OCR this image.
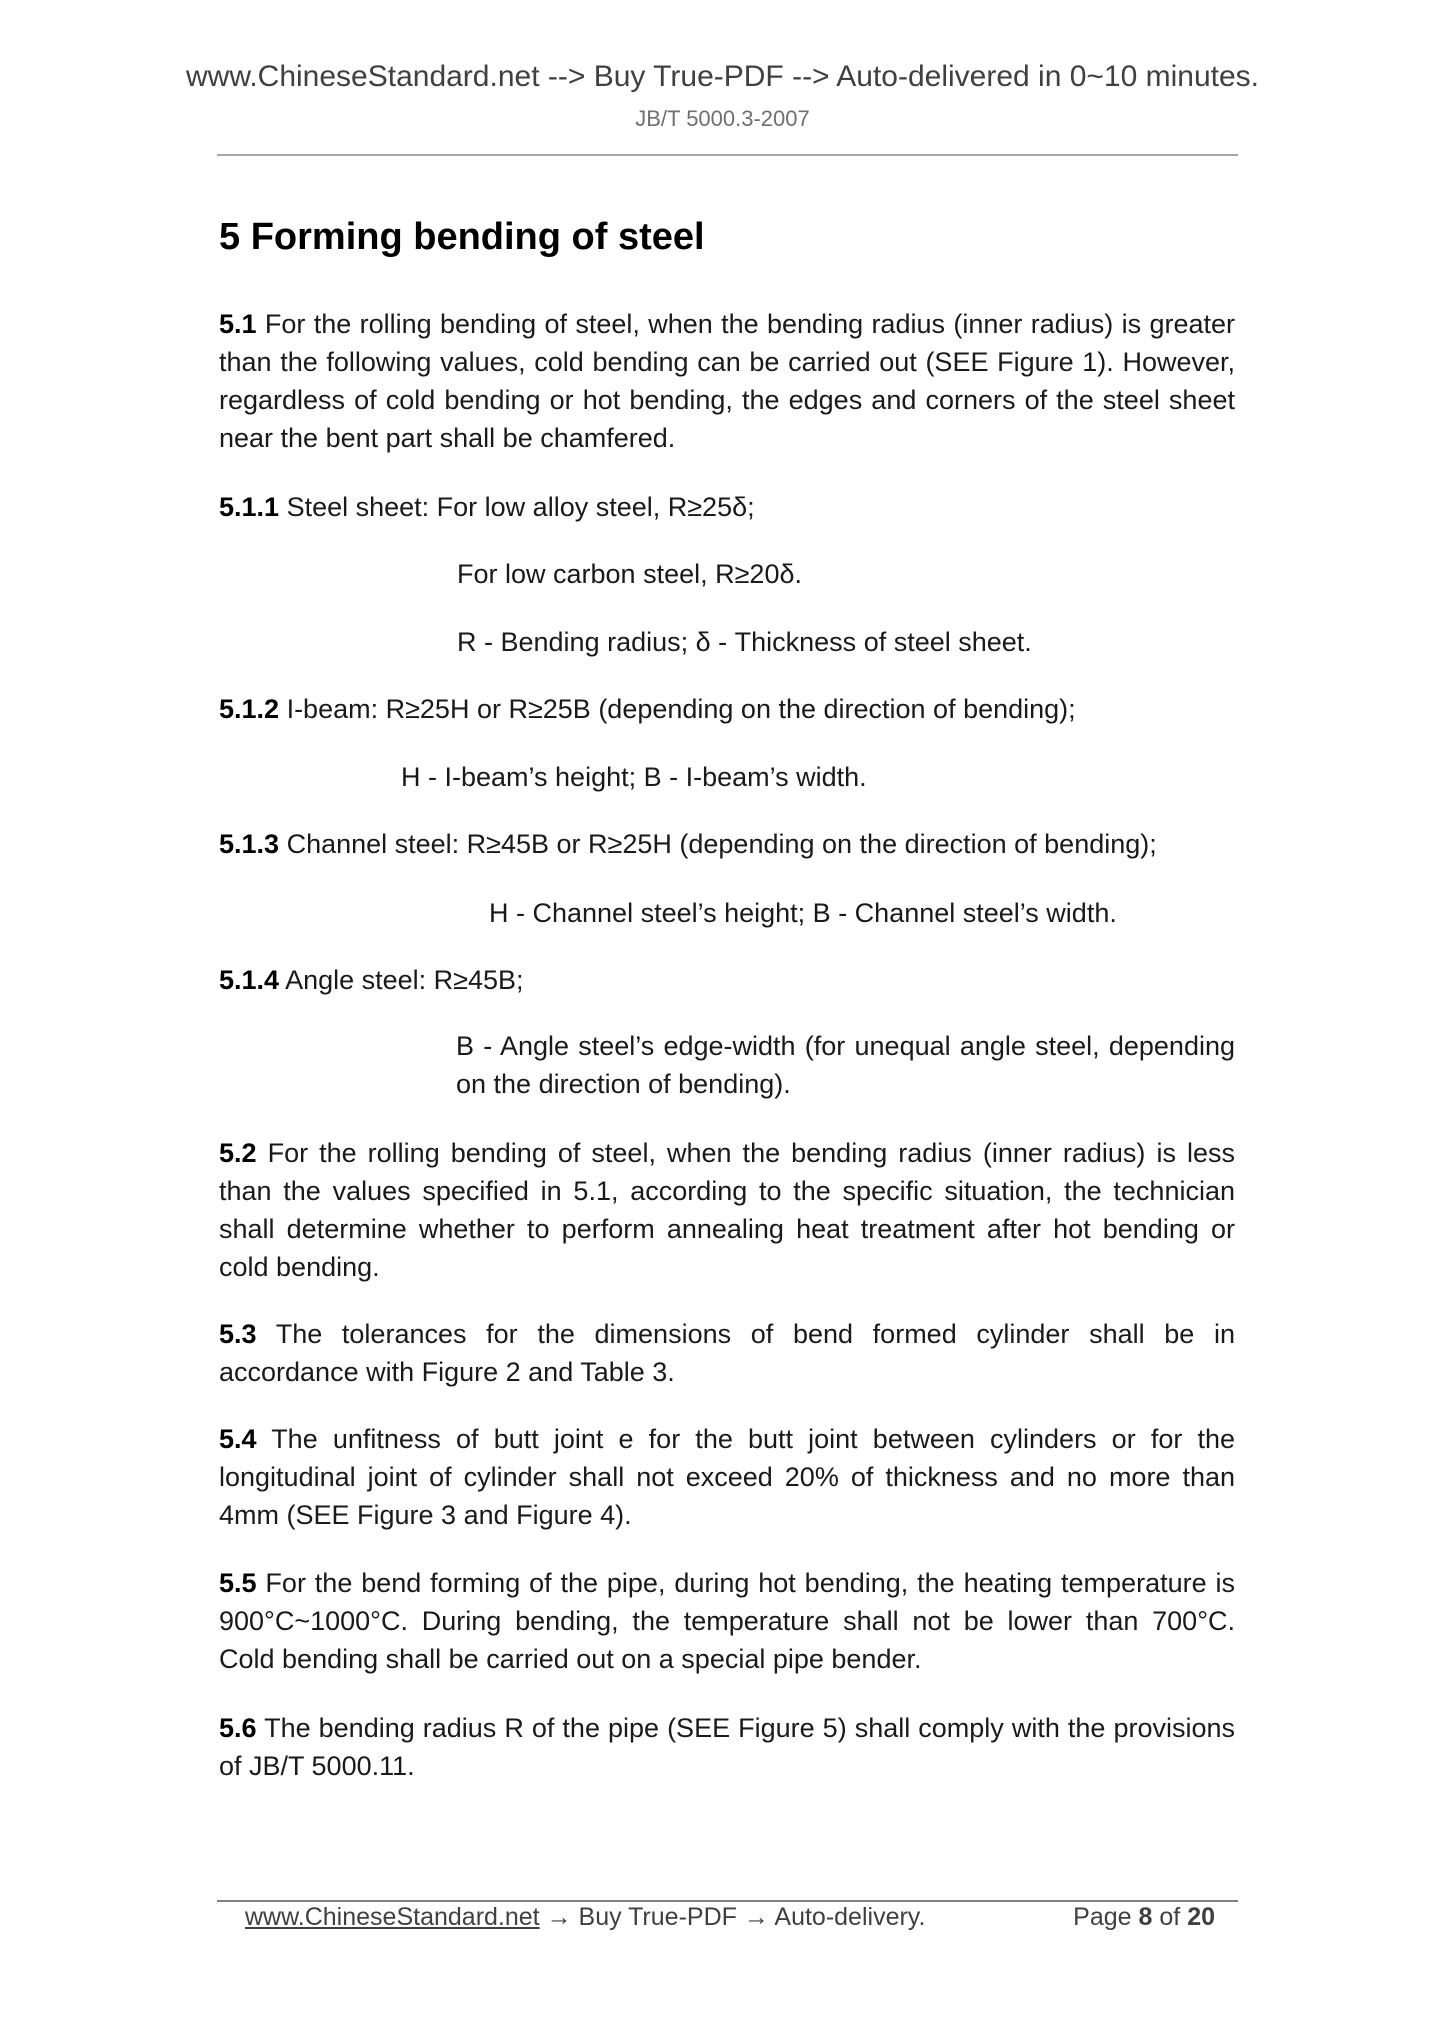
www.ChineseStandard.net --> Buy True-PDF --> Auto-delivered in 0~10 minutes.
JB/T 5000.3-2007
5 Forming bending of steel
5.1 For the rolling bending of steel, when the bending radius (inner radius) is greater than the following values, cold bending can be carried out (SEE Figure 1). However, regardless of cold bending or hot bending, the edges and corners of the steel sheet near the bent part shall be chamfered.
5.1.1 Steel sheet: For low alloy steel, R≥25δ;
For low carbon steel, R≥20δ.
R - Bending radius; δ - Thickness of steel sheet.
5.1.2 I-beam: R≥25H or R≥25B (depending on the direction of bending);
H - I-beam’s height; B - I-beam’s width.
5.1.3 Channel steel: R≥45B or R≥25H (depending on the direction of bending);
H - Channel steel’s height; B - Channel steel’s width.
5.1.4 Angle steel: R≥45B;
B - Angle steel’s edge-width (for unequal angle steel, depending on the direction of bending).
5.2 For the rolling bending of steel, when the bending radius (inner radius) is less than the values specified in 5.1, according to the specific situation, the technician shall determine whether to perform annealing heat treatment after hot bending or cold bending.
5.3 The tolerances for the dimensions of bend formed cylinder shall be in accordance with Figure 2 and Table 3.
5.4 The unfitness of butt joint e for the butt joint between cylinders or for the longitudinal joint of cylinder shall not exceed 20% of thickness and no more than 4mm (SEE Figure 3 and Figure 4).
5.5 For the bend forming of the pipe, during hot bending, the heating temperature is 900°C~1000°C. During bending, the temperature shall not be lower than 700°C. Cold bending shall be carried out on a special pipe bender.
5.6 The bending radius R of the pipe (SEE Figure 5) shall comply with the provisions of JB/T 5000.11.
www.ChineseStandard.net → Buy True-PDF → Auto-delivery.	Page 8 of 20
